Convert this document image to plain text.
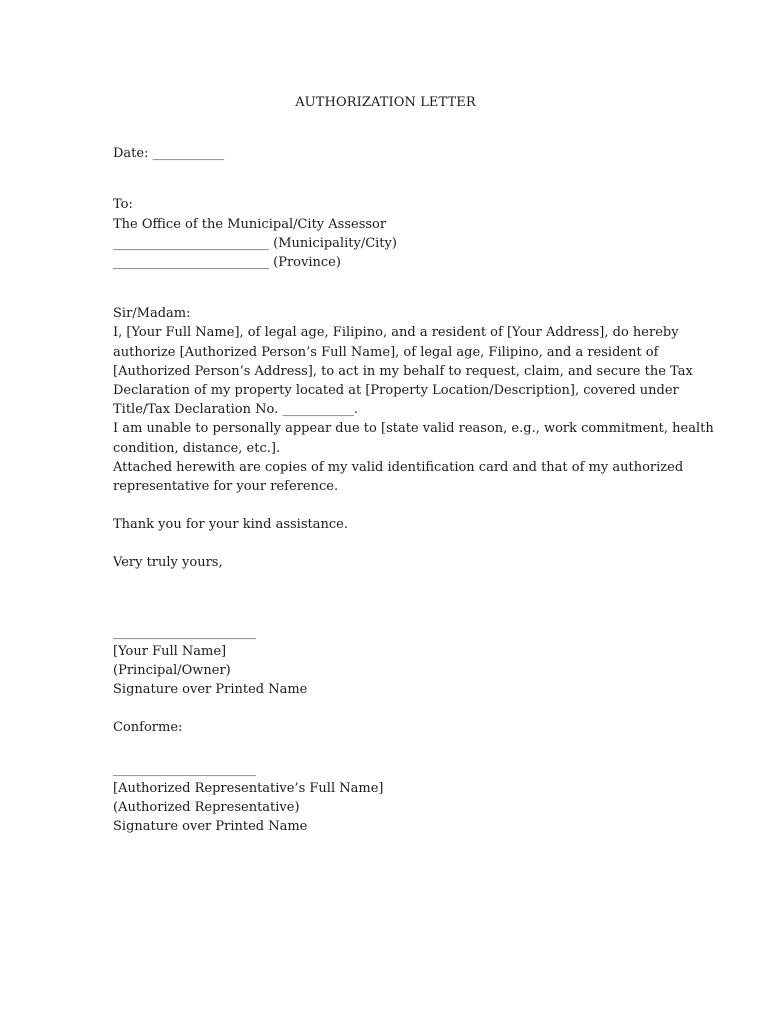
AUTHORIZATION LETTER
Date: ___________
To:
The Office of the Municipal/City Assessor
________________________ (Municipality/City)
________________________ (Province)
Sir/Madam:
I, [Your Full Name], of legal age, Filipino, and a resident of [Your Address], do hereby
authorize [Authorized Person’s Full Name], of legal age, Filipino, and a resident of
[Authorized Person’s Address], to act in my behalf to request, claim, and secure the Tax
Declaration of my property located at [Property Location/Description], covered under
Title/Tax Declaration No. ___________.
I am unable to personally appear due to [state valid reason, e.g., work commitment, health
condition, distance, etc.].
Attached herewith are copies of my valid identification card and that of my authorized
representative for your reference.
Thank you for your kind assistance.
Very truly yours,
______________________
[Your Full Name]
(Principal/Owner)
Signature over Printed Name
Conforme:
______________________
[Authorized Representative’s Full Name]
(Authorized Representative)
Signature over Printed Name
